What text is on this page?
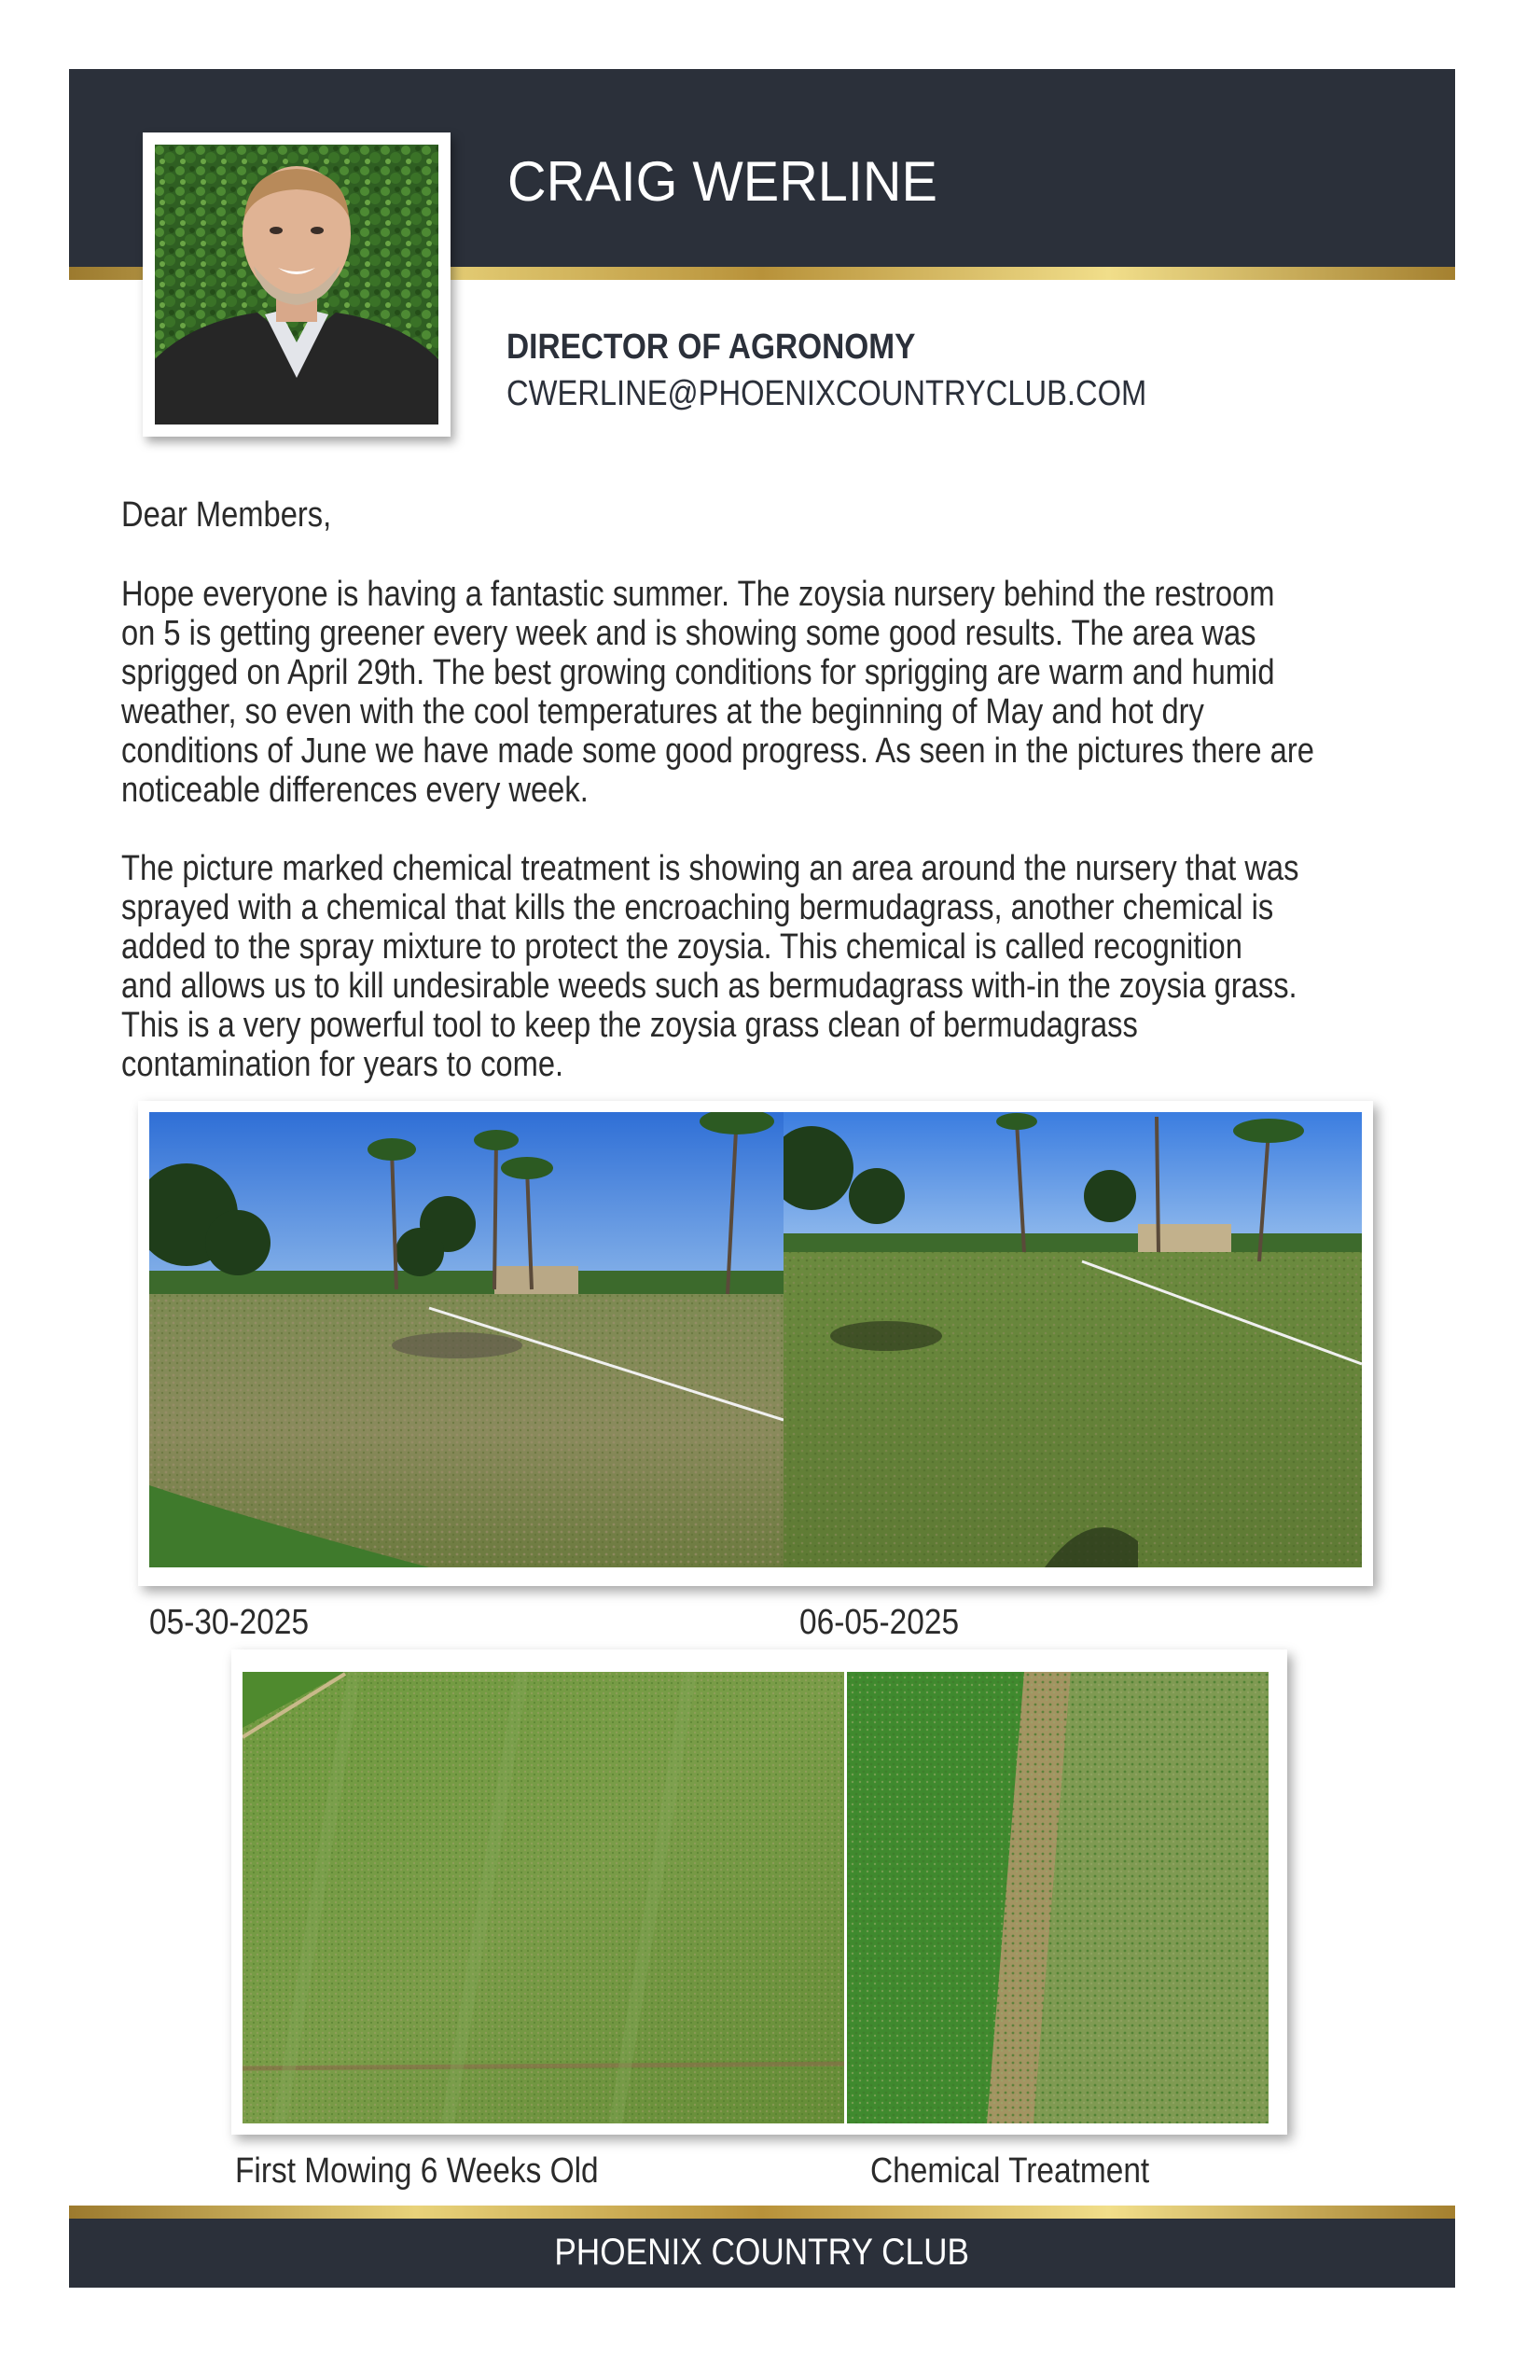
CRAIG WERLINE
DIRECTOR OF AGRONOMY
CWERLINE@PHOENIXCOUNTRYCLUB.COM
Dear Members,
Hope everyone is having a fantastic summer. The zoysia nursery behind the restroom
on 5 is getting greener every week and is showing some good results. The area was
sprigged on April 29th. The best growing conditions for sprigging are warm and humid
weather, so even with the cool temperatures at the beginning of May and hot dry
conditions of June we have made some good progress. As seen in the pictures there are
noticeable differences every week.
The picture marked chemical treatment is showing an area around the nursery that was
sprayed with a chemical that kills the encroaching bermudagrass, another chemical is
added to the spray mixture to protect the zoysia. This chemical is called recognition
and allows us to kill undesirable weeds such as bermudagrass with-in the zoysia grass.
This is a very powerful tool to keep the zoysia grass clean of bermudagrass
contamination for years to come.
05-30-2025	06-05-2025
First Mowing 6 Weeks Old	Chemical Treatment
PHOENIX COUNTRY CLUB
